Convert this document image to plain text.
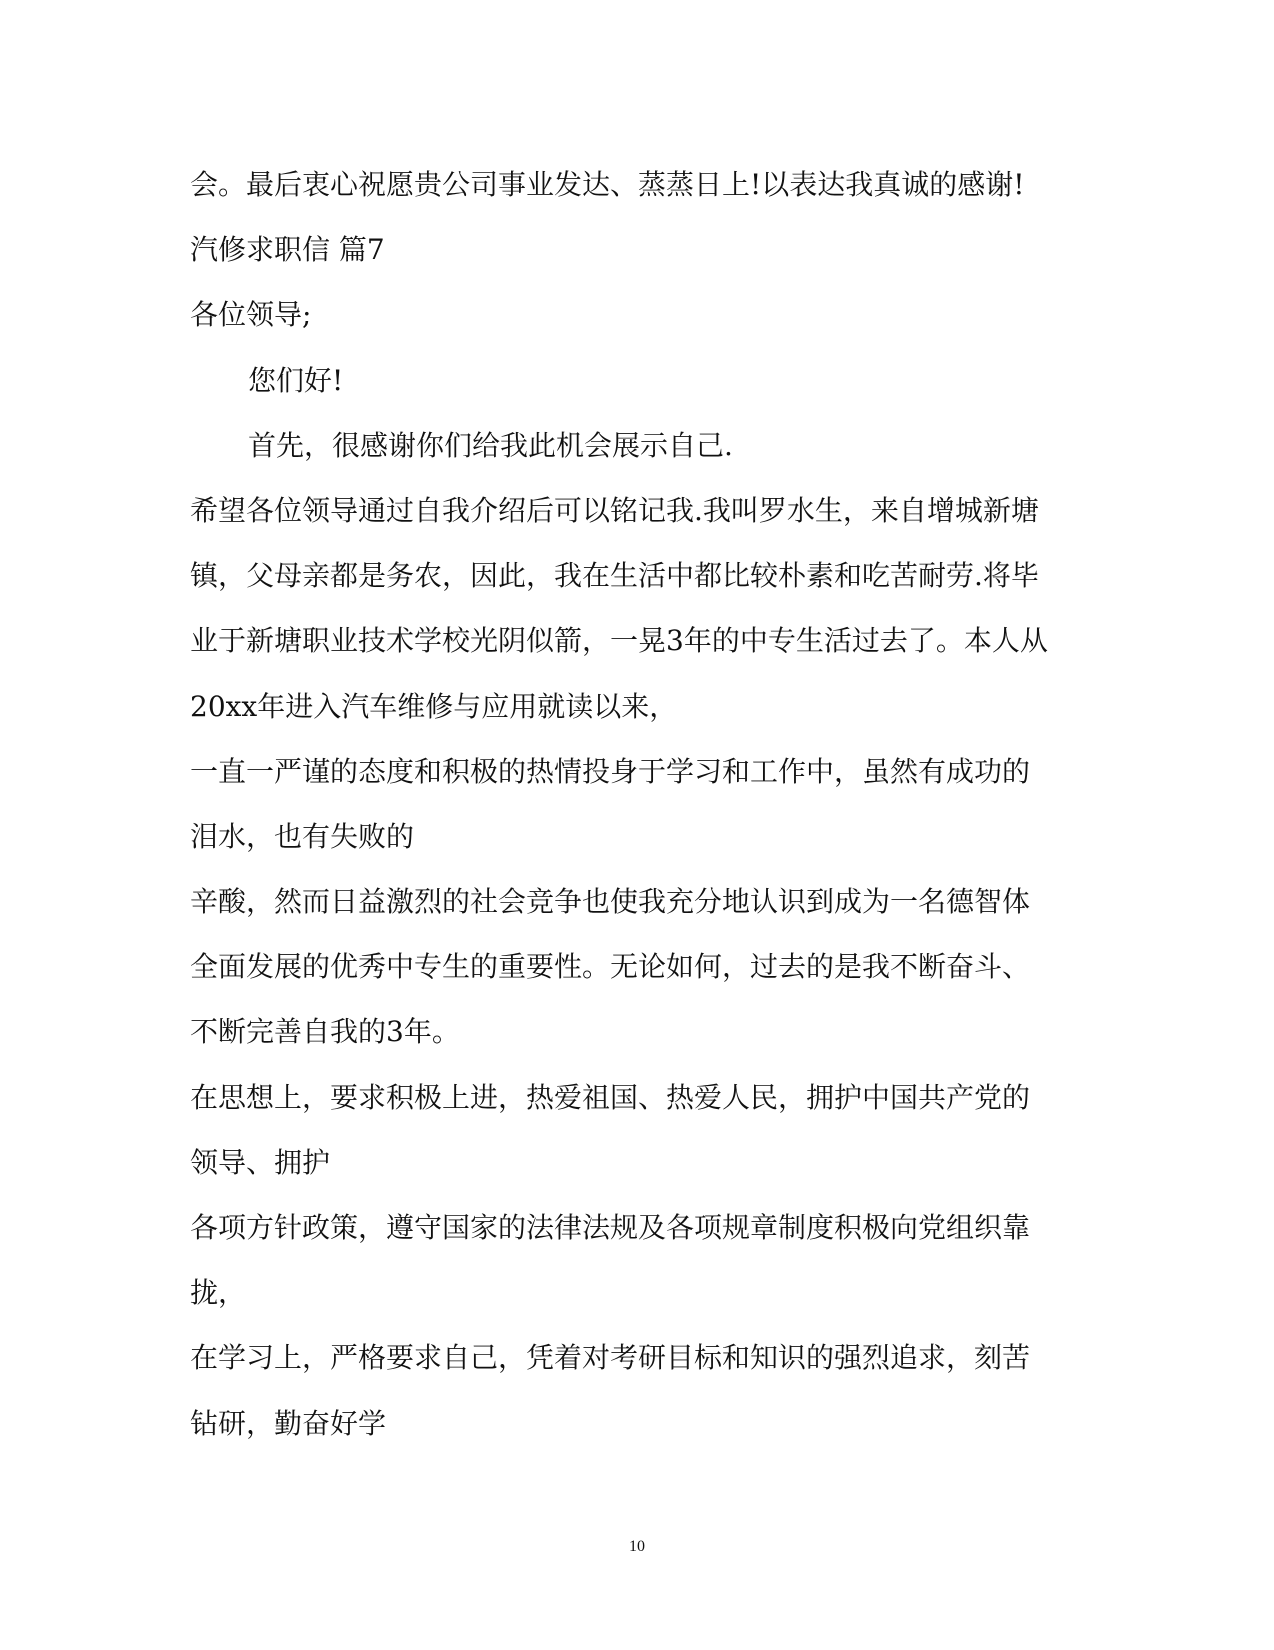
会。最后衷心祝愿贵公司事业发达、蒸蒸日上!以表达我真诚的感谢!
汽修求职信 篇7
各位领导;
您们好!
首先，很感谢你们给我此机会展示自己.
希望各位领导通过自我介绍后可以铭记我.我叫罗水生，来自增城新塘
镇，父母亲都是务农，因此，我在生活中都比较朴素和吃苦耐劳.将毕
业于新塘职业技术学校光阴似箭，一晃3年的中专生活过去了。本人从
20xx年进入汽车维修与应用就读以来，
一直一严谨的态度和积极的热情投身于学习和工作中，虽然有成功的
泪水，也有失败的
辛酸，然而日益激烈的社会竞争也使我充分地认识到成为一名德智体
全面发展的优秀中专生的重要性。无论如何，过去的是我不断奋斗、
不断完善自我的3年。
在思想上，要求积极上进，热爱祖国、热爱人民，拥护中国共产党的
领导、拥护
各项方针政策，遵守国家的法律法规及各项规章制度积极向党组织靠
拢，
在学习上，严格要求自己，凭着对考研目标和知识的强烈追求，刻苦
钻研，勤奋好学
10
